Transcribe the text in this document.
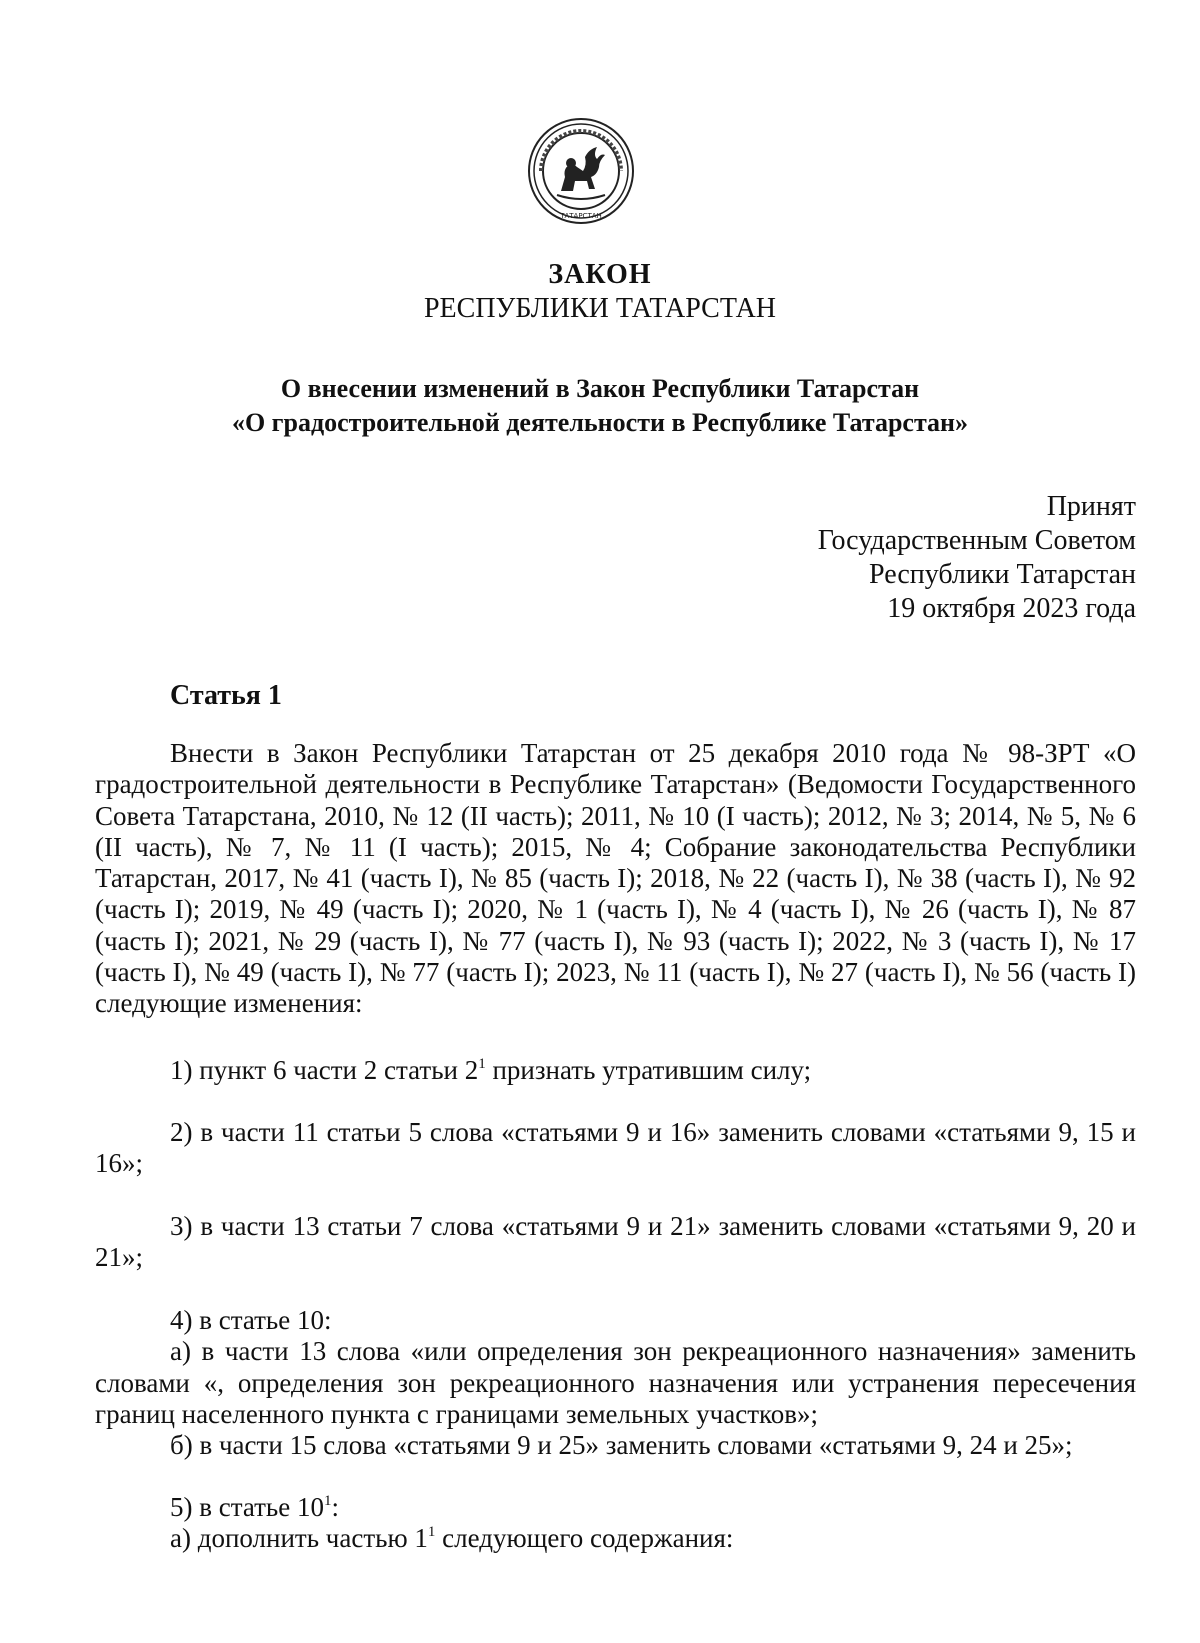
ТАТАРСТАН
ЗАКОН
РЕСПУБЛИКИ ТАТАРСТАН
О внесении изменений в Закон Республики Татарстан
«О градостроительной деятельности в Республике Татарстан»
Принят
Государственным Советом
Республики Татарстан
19 октября 2023 года
Статья 1

Внести в Закон Республики Татарстан от 25 декабря 2010 года № 98-ЗРТ «О градостроительной деятельности в Республике Татарстан» (Ведомости Государственного Совета Татарстана, 2010, № 12 (II часть); 2011, № 10 (I часть); 2012, № 3; 2014, № 5, № 6 (II часть), № 7, № 11 (I часть); 2015, № 4; Собрание законодательства Республики Татарстан, 2017, № 41 (часть I), № 85 (часть I); 2018, № 22 (часть I), № 38 (часть I), № 92 (часть I); 2019, № 49 (часть I); 2020, № 1 (часть I), № 4 (часть I), № 26 (часть I), № 87 (часть I); 2021, № 29 (часть I), № 77 (часть I), № 93 (часть I); 2022, № 3 (часть I), № 17 (часть I), № 49 (часть I), № 77 (часть I); 2023, № 11 (часть I), № 27 (часть I), № 56 (часть I) следующие изменения:

1) пункт 6 части 2 статьи $2^1$ признать утратившим силу;

2) в части 11 статьи 5 слова «статьями 9 и 16» заменить словами «статьями 9, 15 и 16»;

3) в части 13 статьи 7 слова «статьями 9 и 21» заменить словами «статьями 9, 20 и 21»;

4) в статье 10:

а) в части 13 слова «или определения зон рекреационного назначения» заменить словами «, определения зон рекреационного назначения или устранения пересечения границ населенного пункта с границами земельных участков»;

б) в части 15 слова «статьями 9 и 25» заменить словами «статьями 9, 24 и 25»;

5) в статье $10^1$:

а) дополнить частью $1^1$ следующего содержания:
